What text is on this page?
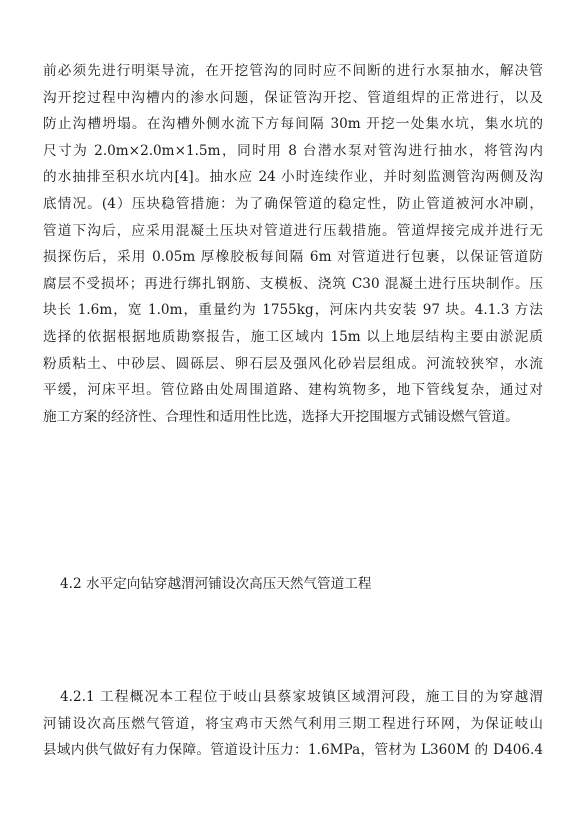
前必须先进行明渠导流，在开挖管沟的同时应不间断的进行水泵抽水，解决管
沟开挖过程中沟槽内的渗水问题，保证管沟开挖、管道组焊的正常进行，以及
防止沟槽坍塌。在沟槽外侧水流下方每间隔 30m 开挖一处集水坑，集水坑的
尺寸为 2.0m×2.0m×1.5m，同时用 8 台潜水泵对管沟进行抽水，将管沟内
的水抽排至积水坑内[4]。抽水应 24 小时连续作业，并时刻监测管沟两侧及沟
底情况。(4）压块稳管措施：为了确保管道的稳定性，防止管道被河水冲刷，
管道下沟后，应采用混凝土压块对管道进行压载措施。管道焊接完成并进行无
损探伤后，采用 0.05m 厚橡胶板每间隔 6m 对管道进行包裹，以保证管道防
腐层不受损坏；再进行绑扎钢筋、支模板、浇筑 C30 混凝土进行压块制作。压
块长 1.6m，宽 1.0m，重量约为 1755kg，河床内共安装 97 块。4.1.3 方法
选择的依据根据地质勘察报告，施工区域内 15m 以上地层结构主要由淤泥质
粉质粘土、中砂层、圆砾层、卵石层及强风化砂岩层组成。河流较狭窄，水流
平缓，河床平坦。管位路由处周围道路、建构筑物多，地下管线复杂，通过对
施工方案的经济性、合理性和适用性比选，选择大开挖围堰方式铺设燃气管道。
4.2 水平定向钻穿越渭河铺设次高压天然气管道工程
4.2.1 工程概况本工程位于岐山县蔡家坡镇区域渭河段，施工目的为穿越渭
河铺设次高压燃气管道，将宝鸡市天然气利用三期工程进行环网，为保证岐山
县域内供气做好有力保障。管道设计压力：1.6MPa，管材为 L360M 的 D406.4
